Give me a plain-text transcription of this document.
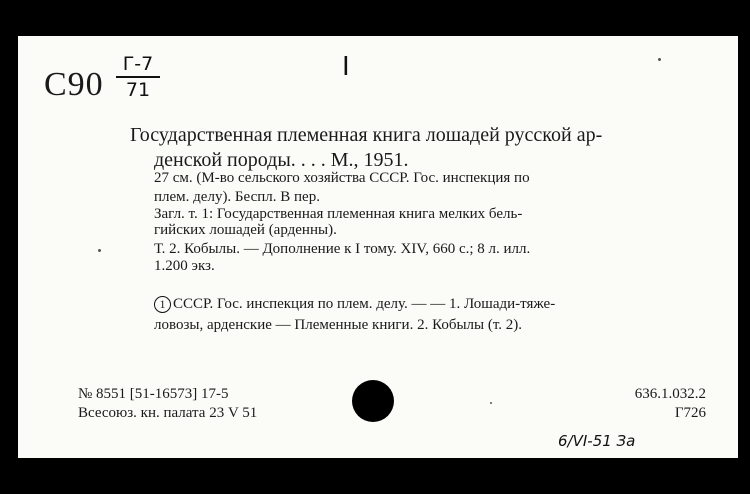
С90
Г-7
71
I
Государственная племенная книга лошадей русской ар-
денской породы. . . . М., 1951.
27 см. (М-во сельского хозяйства СССР. Гос. инспекция по
плем. делу). Беспл. В пер.
Загл. т. 1: Государственная племенная книга мелких бель-
гийских лошадей (арденны).
Т. 2. Кобылы. — Дополнение к I тому. XIV, 660 с.; 8 л. илл.
1.200 экз.
1 СССР. Гос. инспекция по плем. делу. — — 1. Лошади-тяже-
ловозы, арденские — Племенные книги. 2. Кобылы (т. 2).
№ 8551 [51-16573] 17-5
Всесоюз. кн. палата 23 V 51
636.1.032.2
Г726
6/VI-51 За
